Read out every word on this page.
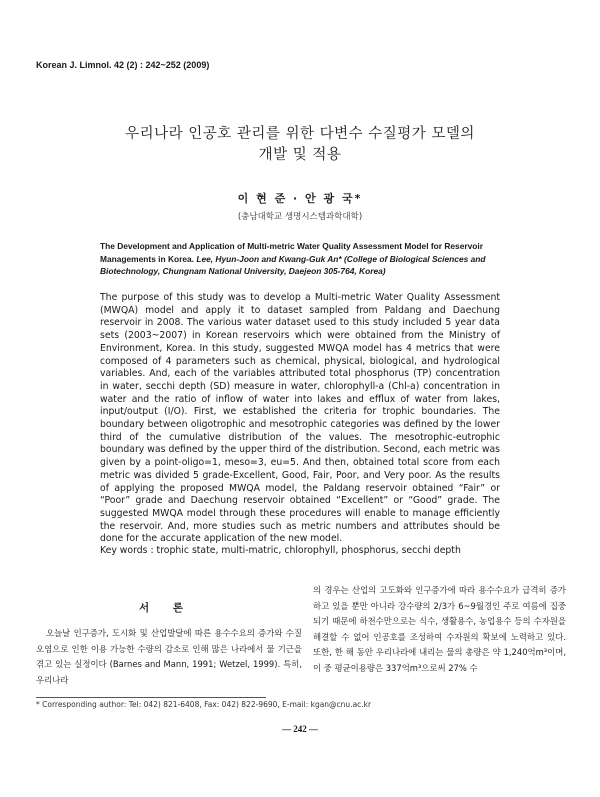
Korean J. Limnol. 42 (2) : 242~252 (2009)
우리나라 인공호 관리를 위한 다변수 수질평가 모델의
개발 및 적용
이 현 준 · 안 광 국*
(충남대학교 생명시스템과학대학)
The Development and Application of Multi-metric Water Quality Assessment Model for Reservoir Managements in Korea. Lee, Hyun-Joon and Kwang-Guk An* (College of Biological Sciences and Biotechnology, Chungnam National University, Daejeon 305-764, Korea)

The purpose of this study was to develop a Multi-metric Water Quality Assessment (MWQA) model and apply it to dataset sampled from Paldang and Daechung reservoir in 2008. The various water dataset used to this study included 5 year data sets (2003~2007) in Korean reservoirs which were obtained from the Ministry of Environment, Korea. In this study, suggested MWQA model has 4 metrics that were composed of 4 parameters such as chemical, physical, biological, and hydrological variables. And, each of the variables attributed total phosphorus (TP) concentration in water, secchi depth (SD) measure in water, chlorophyll-a (Chl-a) concentration in water and the ratio of inflow of water into lakes and efflux of water from lakes, input/output (I/O). First, we established the criteria for trophic boundaries. The boundary between oligotrophic and mesotrophic categories was defined by the lower third of the cumulative distribution of the values. The mesotrophic-eutrophic boundary was defined by the upper third of the distribution. Second, each metric was given by a point-oligo=1, meso=3, eu=5. And then, obtained total score from each metric was divided 5 grade-Excellent, Good, Fair, Poor, and Very poor. As the results of applying the proposed MWQA model, the Paldang reservoir obtained “Fair” or “Poor” grade and Daechung reservoir obtained “Excellent” or “Good” grade. The suggested MWQA model through these procedures will enable to manage efficiently the reservoir. And, more studies such as metric numbers and attributes should be done for the accurate application of the new model.

Key words : trophic state, multi-matric, chlorophyll, phosphorus, secchi depth
서 론

오늘날 인구증가, 도시화 및 산업발달에 따른 용수수요의 증가와 수질오염으로 인한 이용 가능한 수량의 감소로 인해 많은 나라에서 물 기근을 겪고 있는 실정이다 (Barnes and Mann, 1991; Wetzel, 1999). 특히, 우리나라

의 경우는 산업의 고도화와 인구증가에 따라 용수수요가 급격히 증가하고 있을 뿐만 아니라 강수량의 2/3가 6~9월경인 주로 여름에 집중되기 때문에 하천수만으로는 식수, 생활용수, 농업용수 등의 수자원을 해결할 수 없어 인공호를 조성하여 수자원의 확보에 노력하고 있다. 또한, 한 해 동안 우리나라에 내리는 물의 총량은 약 1,240억m³이며, 이 중 평균이용량은 337억m³으로써 27% 수

* Corresponding author: Tel: 042) 821-6408, Fax: 042) 822-9690, E-mail: kgan@cnu.ac.kr
— 242 —
